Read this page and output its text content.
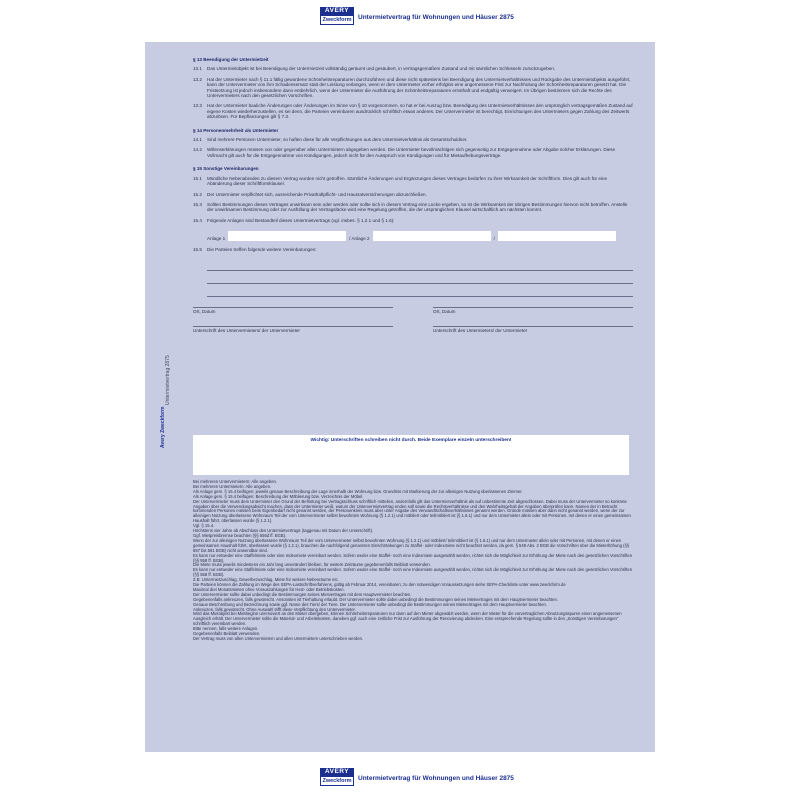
AVERY
Zweckform Untermietvertrag für Wohnungen und Häuser 2875
AVERY
Zweckform Untermietvertrag für Wohnungen und Häuser 2875
Untermietvertrag 2875
Avery Zweckform
§ 13 Beendigung der Untermietzeit
13.1	Das Untermietobjekt ist bei Beendigung der Untermietzeit vollständig geräumt und gesäubert, in vertragsgemäßem Zustand und mit sämtlichen Schlüsseln zurückzugeben.
13.2	Hat der Untermieter nach § 11.1 fällig gewordene Schönheitsreparaturen durchzuführen und diese nicht spätestens bei Beendigung des Untermietverhältnisses und Rückgabe des Untermietobjekts ausgeführt, kann der Untervermieter von ihm Schadensersatz statt der Leistung verlangen, wenn er dem Untermieter vorher erfolglos eine angemessene Frist zur Nachholung der Schönheitsreparaturen gesetzt hat. Die Fristsetzung ist jedoch insbesondere dann entbehrlich, wenn der Untermieter die Ausführung der Schönheitsreparaturen ernsthaft und endgültig verweigert. Im Übrigen bestimmen sich die Rechte des Untervermieters nach den gesetzlichen Vorschriften.
13.3	Hat der Untermieter bauliche Änderungen oder Änderungen im Sinne von § 10 vorgenommen, so hat er bei Auszug bzw. Beendigung des Untermietverhältnisses den ursprünglich vertragsgemäßen Zustand auf eigene Kosten wiederherzustellen, es sei denn, die Parteien vereinbaren ausdrücklich schriftlich etwas anderes. Der Untervermieter ist berechtigt, Einrichtungen des Untermieters gegen Zahlung des Zeitwerts abzulösen. Für Bepflanzungen gilt § 7.3.
§ 14 Personenmehrheit als Untermieter
14.1	Sind mehrere Personen Untermieter, so haften diese für alle Verpflichtungen aus dem Untermietverhältnis als Gesamtschuldner.
14.2	Willenserklärungen müssen von oder gegenüber allen Untermietern abgegeben werden. Die Untermieter bevollmächtigen sich gegenseitig zur Entgegennahme oder Abgabe solcher Erklärungen. Diese Vollmacht gilt auch für die Entgegennahme von Kündigungen, jedoch nicht für den Ausspruch von Kündigungen und für Mietaufhebungsverträge.
§ 15 Sonstige Vereinbarungen
15.1	Mündliche Nebenabreden zu diesem Vertrag wurden nicht getroffen. Sämtliche Änderungen und Ergänzungen dieses Vertrages bedürfen zu ihrer Wirksamkeit der Schriftform. Dies gilt auch für eine Abänderung dieser Schriftformklausel.
15.2	Der Untermieter verpflichtet sich, ausreichende Privathaftpflicht- und Hausratversicherungen abzuschließen.
15.3	Sollten Bestimmungen dieses Vertrages unwirksam sein oder werden oder sollte sich in diesem Vertrag eine Lücke ergeben, so ist die Wirksamkeit der übrigen Bestimmungen hiervon nicht betroffen. Anstelle der unwirksamen Bestimmung oder zur Ausfüllung der Vertragslücke wird eine Regelung getroffen, die der ursprünglichen Klausel wirtschaftlich am nächsten kommt.
15.4	Folgende Anlagen sind Bestandteil dieses Untermietvertrags (vgl. insbes. § 1.2.1 und § 1.6):
Anlage 1	/ Anlage 2	/
15.5	Die Parteien treffen folgende weitere Vereinbarungen:
Ort, Datum	Ort, Datum
Unterschrift des Untervermieters/ der Untervermieter	Unterschrift des Untermieters/ der Untermieter
Wichtig: Unterschriften schreiben nicht durch. Beide Exemplare einzeln unterschreiben!
Bei mehreren Untervermietern: Alle angeben.
Bei mehreren Untermietern: Alle angeben.
Als Anlage gem. § 15.4 beifügen: jeweils genaue Beschreibung der Lage innerhalb der Wohnung bzw. Grundriss mit Markierung der zur alleinigen Nutzung überlassenen Zimmer.
Als Anlage gem. § 15.4 beifügen: Beschreibung der Möblierung bzw. Verzeichnis der Möbel.
Der Untervermieter muss dem Untermieter den Grund der Befristung bei Vertragsschluss schriftlich mitteilen, andernfalls gilt das Untermietverhältnis als auf unbestimmte Zeit abgeschlossen. Dabei muss der Untervermieter so konkrete Angaben über die Verwendungsabsicht machen, dass der Untermieter weiß, warum der Untervermietvertrag enden soll sowie die Rechtsverhältnisse und den Wahrheitsgehalt der Angaben überprüfen kann. Namen der in Betracht kommenden Personen müssen beim Eigenbedarf nicht genannt werden, der Personenkreis muss aber unter Angabe des Verwandtschaftsverhältnisses genannt werden. Gründe müssen aber dann nicht genannt werden, wenn der zur alleinigen Nutzung überlassene Wohnraum Teil der vom Untervermieter selbst bewohnten Wohnung (§ 1.2.1) und möbliert oder teilmöbliert ist (§ 1.6.1) und nur dem Untermieter allein oder mit Personen, mit denen er einen gemeinsamen Haushalt führt, überlassen wurde (§ 1.2.1).
Vgl. § 15.4.
Höchstens vier Jahre ab Abschluss des Untermietvertrags (taggenau mit Datum der Unterschrift).
Ggf. Mietpreisbremse beachten (§§ 556d ff. BGB).
Wenn der zur alleinigen Nutzung überlassene Wohnraum Teil der vom Untervermieter selbst bewohnten Wohnung (§ 1.2.1) und möbliert/ teilmöbliert ist (§ 1.6.1) und nur dem Untermieter allein oder mit Personen, mit denen er einen gemeinsamen Haushalt führt, überlassen wurde (§ 1.2.1), brauchen die nachfolgend genannten Einschränkungen zu Staffel- oder Indexmiete nicht beachtet werden, da gem. § 549 Abs. 2 BGB die Vorschriften über die Mieterhöhung (§§ 557 bis 561 BGB) nicht anwendbar sind.
Es kann nur entweder eine Staffelmiete oder eine Indexmiete vereinbart werden. Sofern weder eine Staffel- noch eine Indexmiete ausgewählt werden, richtet sich die Möglichkeit zur Erhöhung der Miete nach den gesetzlichen Vorschriften (§§ 558 ff. BGB).
Die Miete muss jeweils mindestens ein Jahr lang unverändert bleiben, für weitere Zeiträume gegebenenfalls Beiblatt verwenden.
Es kann nur entweder eine Staffelmiete oder eine Indexmiete vereinbart werden. Sofern weder eine Staffel- noch eine Indexmiete ausgewählt werden, richtet sich die Möglichkeit zur Erhöhung der Miete nach den gesetzlichen Vorschriften (§§ 558 ff. BGB).
Z.B. Untermietzuschlag, Gewerbezuschlag, Miete für weitere Nebenräume etc.
Die Parteien können die Zahlung im Wege des SEPA-Lastschriftverfahrens, gültig ab Februar 2014, vereinbaren; zu den notwendigen Voraussetzungen siehe SEPA-Checkliste unter www.zweckform.de
Maximal drei Monatsmieten ohne Vorauszahlungen für Heiz- oder Betriebskosten.
Der Untervermieter sollte dabei unbedingt die Bestimmungen seines Mietvertrages mit dem Hauptvermieter beachten.
Gegebenenfalls ankreuzen, falls gewünscht. Ansonsten ist Tierhaltung erlaubt. Der Untervermieter sollte dabei unbedingt die Bestimmungen seines Mietvertrages mit dem Hauptvermieter beachten.
Genaue Beschreibung und Bezeichnung sowie ggf. Name des Tiers/ der Tiere. Der Untervermieter sollte unbedingt die Bestimmungen seines Mietvertrages mit dem Hauptvermieter beachten.
Ankreuzen, falls gewünscht. Ohne Auswahl trifft diese Verpflichtung den Untervermieter.
Wird das Mietobjekt bei Mietbeginn unrenoviert an den Mieter übergeben, können Schönheitsreparaturen nur dann auf den Mieter abgewälzt werden, wenn der Mieter für die vorvertraglichen Abnutzungsspuren einen angemessenen Ausgleich erhält. Der Untervermieter sollte die Material- und Arbeitskosten, daneben ggf. auch eine zeitliche Frist zur Ausführung der Renovierung abdecken. Eine entsprechende Regelung sollte in den „Sonstigen Vereinbarungen“ schriftlich vereinbart werden.
Bitte nennen, falls weitere Anlagen.
Gegebenenfalls Beiblatt verwenden.
Der Vertrag muss von allen Untervermietern und allen Untermietern unterschrieben werden.
